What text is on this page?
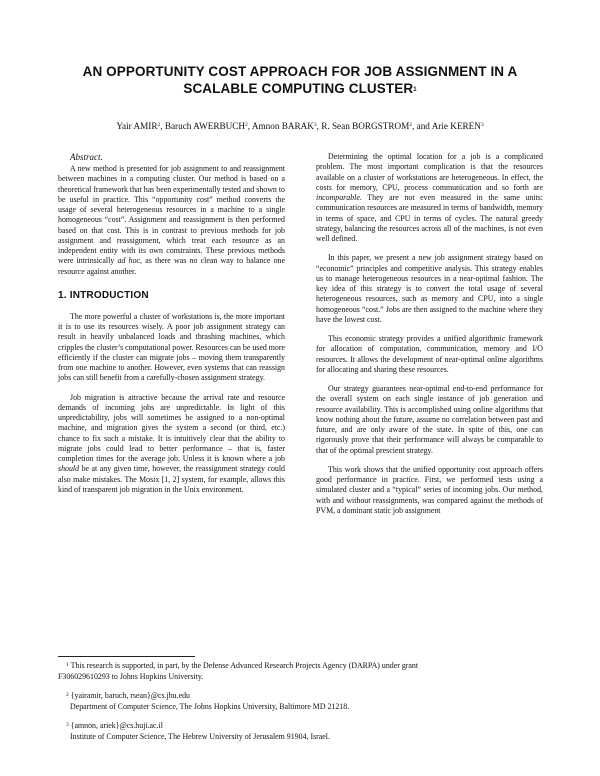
AN OPPORTUNITY COST APPROACH FOR JOB ASSIGNMENT IN A
SCALABLE COMPUTING CLUSTER$^1$
Yair AMIR$^2$, Baruch AWERBUCH$^2$, Amnon BARAK$^3$, R. Sean BORGSTROM$^2$, and Arie KEREN$^3$
Abstract.

A new method is presented for job assignment to and reassignment between machines in a computing cluster. Our method is based on a theoretical framework that has been experimentally tested and shown to be useful in practice. This “opportunity cost” method converts the usage of several heterogeneous resources in a machine to a single homogeneous “cost”. Assignment and reassignment is then performed based on that cost. This is in contrast to previous methods for job assignment and reassignment, which treat each resource as an independent entity with its own constraints. These previous methods were intrinsically ad hoc, as there was no clean way to balance one resource against another.

1. INTRODUCTION

The more powerful a cluster of workstations is, the more important it is to use its resources wisely. A poor job assignment strategy can result in heavily unbalanced loads and thrashing machines, which cripples the cluster’s computational power. Resources can be used more efficiently if the cluster can migrate jobs – moving them transparently from one machine to another. However, even systems that can reassign jobs can still benefit from a carefully-chosen assignment strategy.

Job migration is attractive because the arrival rate and resource demands of incoming jobs are unpredictable. In light of this unpredictability, jobs will sometimes be assigned to a non-optimal machine, and migration gives the system a second (or third, etc.) chance to fix such a mistake. It is intuitively clear that the ability to migrate jobs could lead to better performance – that is, faster completion times for the average job. Unless it is known where a job should be at any given time, however, the reassignment strategy could also make mistakes. The Mosix [1, 2] system, for example, allows this kind of transparent job migration in the Unix environment.

Determining the optimal location for a job is a complicated problem. The most important complication is that the resources available on a cluster of workstations are heterogeneous. In effect, the costs for memory, CPU, process communication and so forth are incomparable. They are not even measured in the same units: communication resources are measured in terms of bandwidth, memory in terms of space, and CPU in terms of cycles. The natural greedy strategy, balancing the resources across all of the machines, is not even well defined.

In this paper, we present a new job assignment strategy based on “economic” principles and competitive analysis. This strategy enables us to manage heterogeneous resources in a near-optimal fashion. The key idea of this strategy is to convert the total usage of several heterogeneous resources, such as memory and CPU, into a single homogeneous “cost.” Jobs are then assigned to the machine where they have the lowest cost.

This economic strategy provides a unified algorithmic framework for allocation of computation, communication, memory and I/O resources. It allows the development of near-optimal online algorithms for allocating and sharing these resources.

Our strategy guarantees near-optimal end-to-end performance for the overall system on each single instance of job generation and resource availability. This is accomplished using online algorithms that know nothing about the future, assume no correlation between past and future, and are only aware of the state. In spite of this, one can rigorously prove that their performance will always be comparable to that of the optimal prescient strategy.

This work shows that the unified opportunity cost approach offers good performance in practice. First, we performed tests using a simulated cluster and a “typical” series of incoming jobs. Our method, with and without reassignments, was compared against the methods of PVM, a dominant static job assignment

$^1$ This research is supported, in part, by the Defense Advanced Research Projects Agency (DARPA) under grant
F306029610293 to Johns Hopkins University.

$^2$ {yairamir, baruch, rsean}@cs.jhu.edu
Department of Computer Science, The Johns Hopkins University, Baltimore MD 21218.

$^3$ {amnon, ariek}@cs.huji.ac.il
Institute of Computer Science, The Hebrew University of Jerusalem 91904, Israel.
